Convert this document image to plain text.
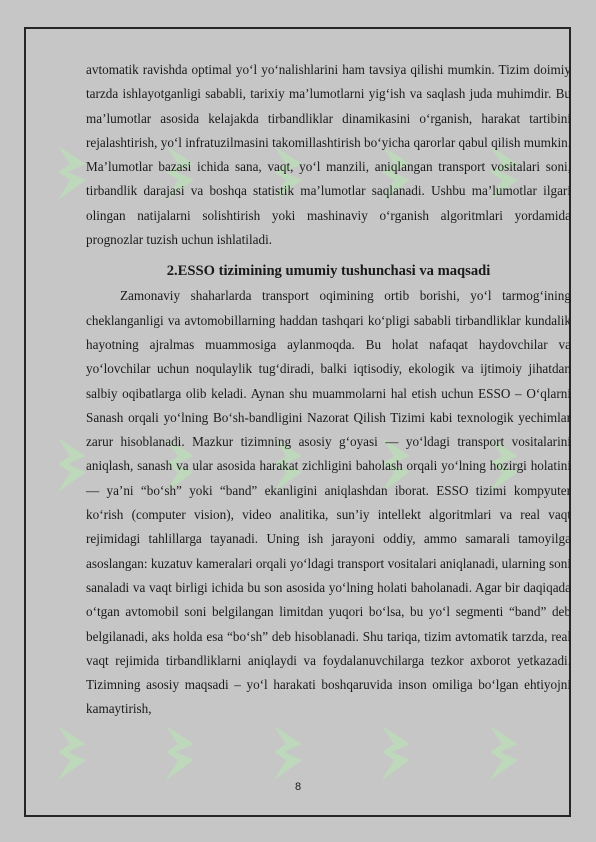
avtomatik ravishda optimal yo‘l yo‘nalishlarini ham tavsiya qilishi mumkin. Tizim doimiy tarzda ishlayotganligi sababli, tarixiy ma’lumotlarni yig‘ish va saqlash juda muhimdir. Bu ma’lumotlar asosida kelajakda tirbandliklar dinamikasini o‘rganish, harakat tartibini rejalashtirish, yo‘l infratuzilmasini takomillashtirish bo‘yicha qarorlar qabul qilish mumkin. Ma’lumotlar bazasi ichida sana, vaqt, yo‘l manzili, aniqlangan transport vositalari soni, tirbandlik darajasi va boshqa statistik ma’lumotlar saqlanadi. Ushbu ma’lumotlar ilgari olingan natijalarni solishtirish yoki mashinaviy o‘rganish algoritmlari yordamida prognozlar tuzish uchun ishlatiladi.

2.ESSO tizimining umumiy tushunchasi va maqsadi

Zamonaviy shaharlarda transport oqimining ortib borishi, yo‘l tarmog‘ining cheklanganligi va avtomobillarning haddan tashqari ko‘pligi sababli tirbandliklar kundalik hayotning ajralmas muammosiga aylanmoqda. Bu holat nafaqat haydovchilar va yo‘lovchilar uchun noqulaylik tug‘diradi, balki iqtisodiy, ekologik va ijtimoiy jihatdan salbiy oqibatlarga olib keladi. Aynan shu muammolarni hal etish uchun ESSO – O‘qlarni Sanash orqali yo‘lning Bo‘sh-bandligini Nazorat Qilish Tizimi kabi texnologik yechimlar zarur hisoblanadi. Mazkur tizimning asosiy g‘oyasi — yo‘ldagi transport vositalarini aniqlash, sanash va ular asosida harakat zichligini baholash orqali yo‘lning hozirgi holatini — ya’ni “bo‘sh” yoki “band” ekanligini aniqlashdan iborat. ESSO tizimi kompyuter ko‘rish (computer vision), video analitika, sun’iy intellekt algoritmlari va real vaqt rejimidagi tahlillarga tayanadi. Uning ish jarayoni oddiy, ammo samarali tamoyilga asoslangan: kuzatuv kameralari orqali yo‘ldagi transport vositalari aniqlanadi, ularning soni sanaladi va vaqt birligi ichida bu son asosida yo‘lning holati baholanadi. Agar bir daqiqada o‘tgan avtomobil soni belgilangan limitdan yuqori bo‘lsa, bu yo‘l segmenti “band” deb belgilanadi, aks holda esa “bo‘sh” deb hisoblanadi. Shu tariqa, tizim avtomatik tarzda, real vaqt rejimida tirbandliklarni aniqlaydi va foydalanuvchilarga tezkor axborot yetkazadi. Tizimning asosiy maqsadi – yo‘l harakati boshqaruvida inson omiliga bo‘lgan ehtiyojni kamaytirish,

8
